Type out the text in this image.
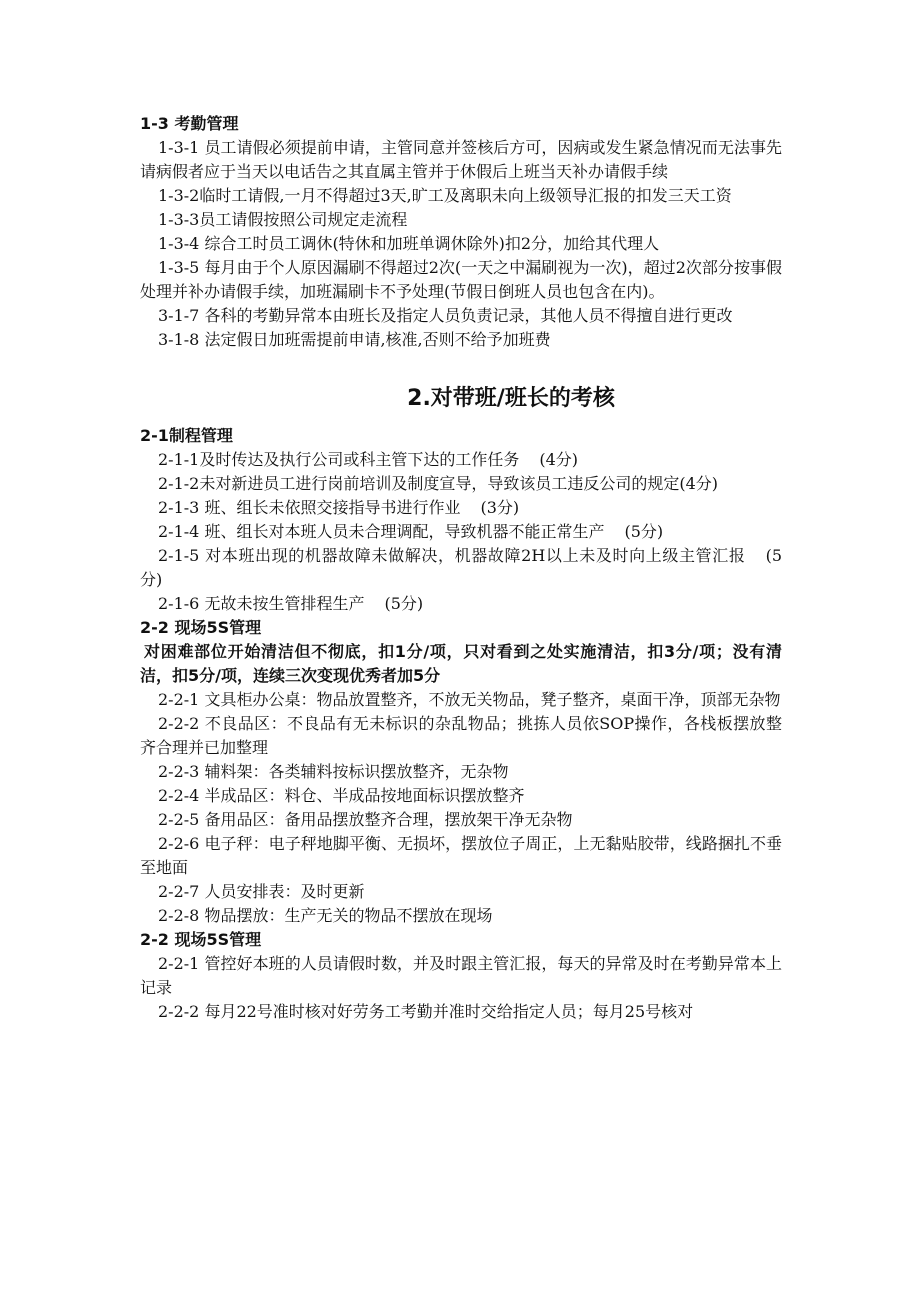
1-3 考勤管理

1-3-1 员工请假必须提前申请，主管同意并签核后方可，因病或发生紧急情况而无法事先请病假者应于当天以电话告之其直属主管并于休假后上班当天补办请假手续

1-3-2临时工请假,一月不得超过3天,旷工及离职未向上级领导汇报的扣发三天工资

1-3-3员工请假按照公司规定走流程

1-3-4 综合工时员工调休(特休和加班单调休除外)扣2分，加给其代理人

1-3-5 每月由于个人原因漏刷不得超过2次(一天之中漏刷视为一次)，超过2次部分按事假处理并补办请假手续，加班漏刷卡不予处理(节假日倒班人员也包含在内)。

3-1-7 各科的考勤异常本由班长及指定人员负责记录，其他人员不得擅自进行更改

3-1-8 法定假日加班需提前申请,核准,否则不给予加班费

2.对带班/班长的考核

2-1制程管理

2-1-1及时传达及执行公司或科主管下达的工作任务 (4分)

2-1-2未对新进员工进行岗前培训及制度宣导，导致该员工违反公司的规定(4分)

2-1-3 班、组长未依照交接指导书进行作业 (3分)

2-1-4 班、组长对本班人员未合理调配，导致机器不能正常生产 (5分)

2-1-5 对本班出现的机器故障未做解决，机器故障2H以上未及时向上级主管汇报 (5分)

2-1-6 无故未按生管排程生产 (5分)

2-2 现场5S管理

对困难部位开始清洁但不彻底，扣1分/项，只对看到之处实施清洁，扣3分/项；没有清洁，扣5分/项，连续三次变现优秀者加5分

2-2-1 文具柜办公桌：物品放置整齐，不放无关物品，凳子整齐，桌面干净，顶部无杂物

2-2-2 不良品区：不良品有无未标识的杂乱物品；挑拣人员依SOP操作，各栈板摆放整齐合理并已加整理

2-2-3 辅料架：各类辅料按标识摆放整齐，无杂物

2-2-4 半成品区：料仓、半成品按地面标识摆放整齐

2-2-5 备用品区：备用品摆放整齐合理，摆放架干净无杂物

2-2-6 电子秤：电子秤地脚平衡、无损坏，摆放位子周正，上无黏贴胶带，线路捆扎不垂至地面

2-2-7 人员安排表：及时更新

2-2-8 物品摆放：生产无关的物品不摆放在现场

2-2 现场5S管理

2-2-1 管控好本班的人员请假时数，并及时跟主管汇报，每天的异常及时在考勤异常本上记录

2-2-2 每月22号准时核对好劳务工考勤并准时交给指定人员；每月25号核对
